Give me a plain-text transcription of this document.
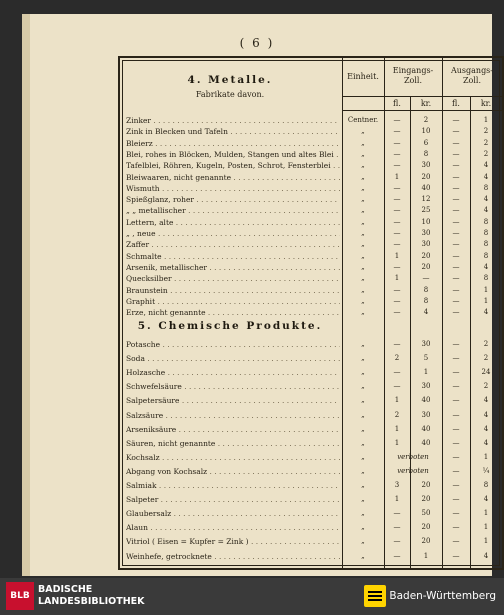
( 6 )
Einheit.
Eingangs-Zoll.
Ausgangs-Zoll.
fl.	kr.	fl.	kr.
4. Metalle.
Fabrikate davon.
Zinker . . .	Centner.	—	2	—	1
Zink in Blecken und Tafeln . . .	„	—	10	—	2
Bleierz . . .	„	—	6	—	2
Blei, rohes in Blöcken, Mulden, Stangen und altes Blei . . .	„	—	8	—	2
Tafelblei, Röhren, Kugeln, Posten, Schrot, Fensterblei . . .	„	—	30	—	4
Bleiwaaren, nicht genannte . . .	„	1	20	—	4
Wismuth . . .	„	—	40	—	8
Spießglanz, roher . . .	„	—	12	—	4
„ „ metallischer . . .	„	—	25	—	4
Lettern, alte . . .	„	—	10	—	8
„ , neue . . .	„	—	30	—	8
Zaffer . . .	„	—	30	—	8
Schmalte . . .	„	1	20	—	8
Arsenik, metallischer . . .	„	—	20	—	4
Quecksilber . . .	„	1	—	—	8
Braunstein . . .	„	—	8	—	1
Graphit . . .	„	—	8	—	1
Erze, nicht genannte . . .	„	—	4	—	4
5. Chemische Produkte.
Potasche . . .	„	—	30	—	2
Soda . . .	„	2	5	—	2
Holzasche . . .	„	—	1	—	24
Schwefelsäure . . .	„	—	30	—	2
Salpetersäure . . .	„	1	40	—	4
Salzsäure . . .	„	2	30	—	4
Arseniksäure . . .	„	1	40	—	4
Säuren, nicht genannte . . .	„	1	40	—	4
Kochsalz . . .	„	verboten	—	1
Abgang von Kochsalz . . .	„	verboten	—	¼
Salmiak . . .	„	3	20	—	8
Salpeter . . .	„	1	20	—	4
Glaubersalz . . .	„	—	50	—	1
Alaun . . .	„	—	20	—	1
Vitriol ( Eisen = Kupfer = Zink ) . . .	„	—	20	—	1
Weinhefe, getrocknete . . .	„	—	1	—	4
BLB
BADISCHE
LANDESBIBLIOTHEK	Baden-Württemberg
